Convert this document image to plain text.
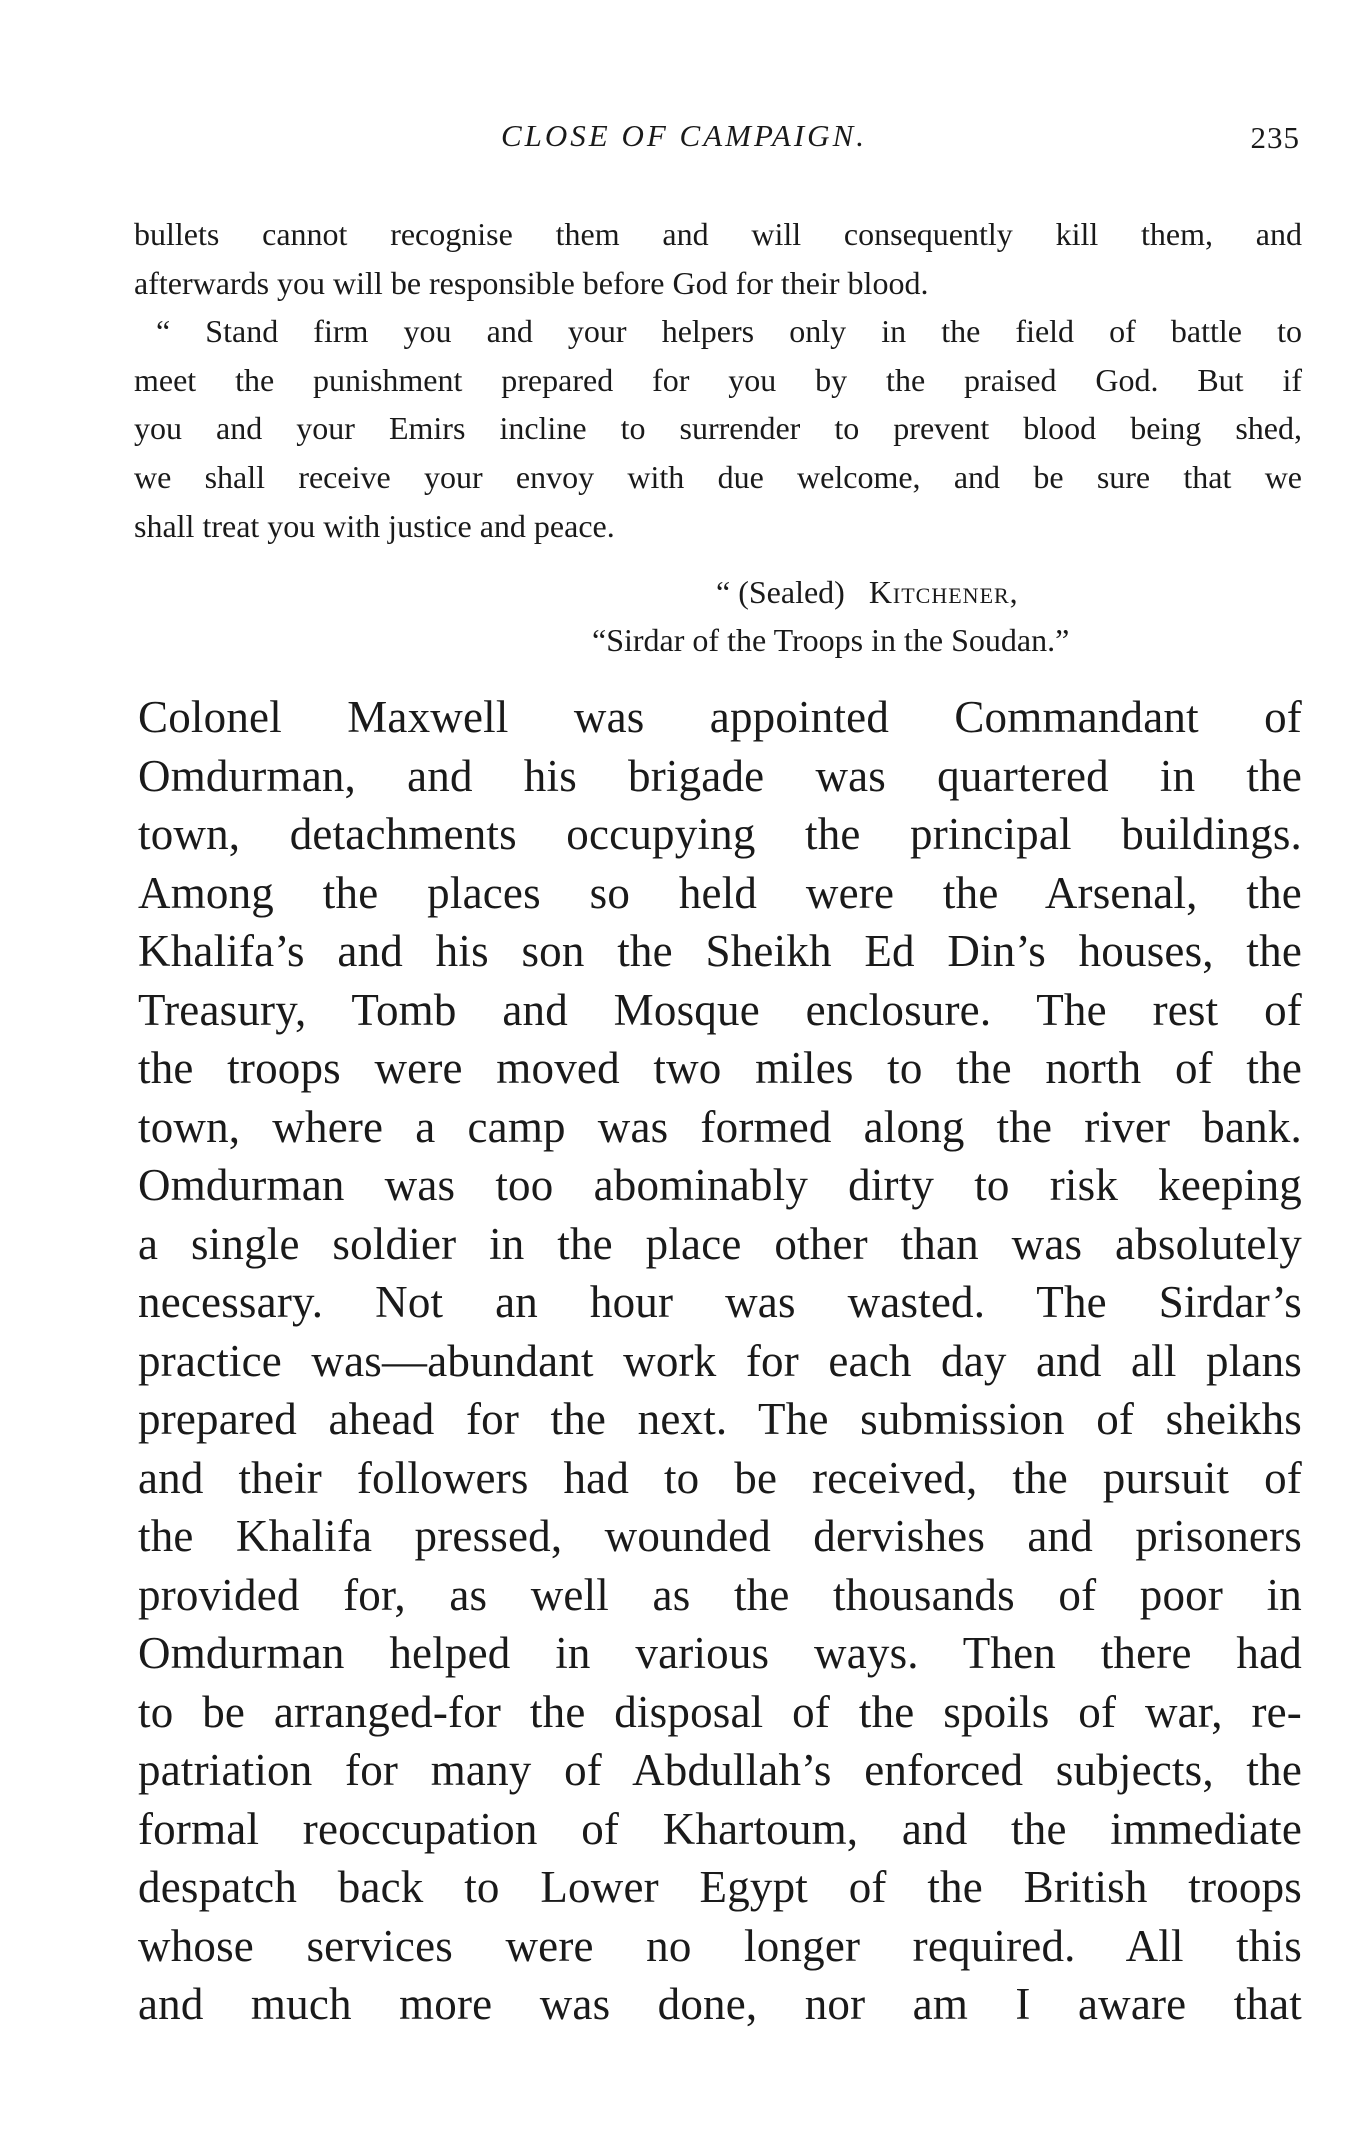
CLOSE OF CAMPAIGN.	235
bullets cannot recognise them and will consequently kill them, and
afterwards you will be responsible before God for their blood.
“ Stand firm you and your helpers only in the field of battle to
meet the punishment prepared for you by the praised God. But if
you and your Emirs incline to surrender to prevent blood being shed,
we shall receive your envoy with due welcome, and be sure that we
shall treat you with justice and peace.
“ (Sealed) Kitchener,
“Sirdar of the Troops in the Soudan.”
Colonel Maxwell was appointed Commandant of
Omdurman, and his brigade was quartered in the
town, detachments occupying the principal buildings.
Among the places so held were the Arsenal, the
Khalifa’s and his son the Sheikh Ed Din’s houses, the
Treasury, Tomb and Mosque enclosure. The rest of
the troops were moved two miles to the north of the
town, where a camp was formed along the river bank.
Omdurman was too abominably dirty to risk keeping
a single soldier in the place other than was absolutely
necessary. Not an hour was wasted. The Sirdar’s
practice was—abundant work for each day and all plans
prepared ahead for the next. The submission of sheikhs
and their followers had to be received, the pursuit of
the Khalifa pressed, wounded dervishes and prisoners
provided for, as well as the thousands of poor in
Omdurman helped in various ways. Then there had
to be arranged-for the disposal of the spoils of war, re-
patriation for many of Abdullah’s enforced subjects, the
formal reoccupation of Khartoum, and the immediate
despatch back to Lower Egypt of the British troops
whose services were no longer required. All this
and much more was done, nor am I aware that
